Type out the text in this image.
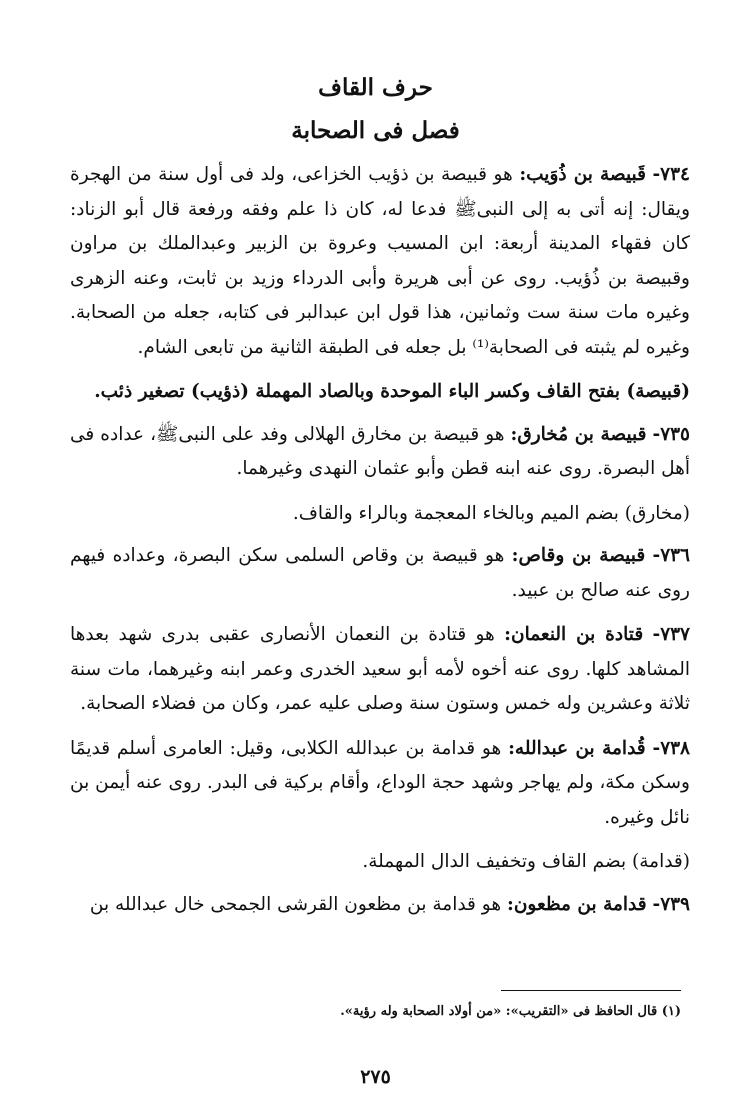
حرف القاف
فصل فى الصحابة

٧٣٤- قَبيصة بن ذُوَيب: هو قبيصة بن ذؤيب الخزاعى، ولد فى أول سنة من الهجرة ويقال: إنه أتى به إلى النبىﷺ فدعا له، كان ذا علم وفقه ورفعة قال أبو الزناد: كان فقهاء المدينة أربعة: ابن المسيب وعروة بن الزبير وعبدالملك بن مراون وقبيصة بن ذُؤيب. روى عن أبى هريرة وأبى الدرداء وزيد بن ثابت، وعنه الزهرى وغيره مات سنة ست وثمانين، هذا قول ابن عبدالبر فى كتابه، جعله من الصحابة. وغيره لم يثبته فى الصحابة⁽¹⁾ بل جعله فى الطبقة الثانية من تابعى الشام.

(قبيصة) بفتح القاف وكسر الباء الموحدة وبالصاد المهملة (ذؤيب) تصغير ذئب.

٧٣٥- قبيصة بن مُخارق: هو قبيصة بن مخارق الهلالى وفد على النبىﷺ، عداده فى أهل البصرة. روى عنه ابنه قطن وأبو عثمان النهدى وغيرهما.

(مخارق) بضم الميم وبالخاء المعجمة وبالراء والقاف.

٧٣٦- قبيصة بن وقاص: هو قبيصة بن وقاص السلمى سكن البصرة، وعداده فيهم روى عنه صالح بن عبيد.

٧٣٧- قتادة بن النعمان: هو قتادة بن النعمان الأنصارى عقبى بدرى شهد بعدها المشاهد كلها. روى عنه أخوه لأمه أبو سعيد الخدرى وعمر ابنه وغيرهما، مات سنة ثلاثة وعشرين وله خمس وستون سنة وصلى عليه عمر، وكان من فضلاء الصحابة.

٧٣٨- قُدامة بن عبدالله: هو قدامة بن عبدالله الكلابى، وقيل: العامرى أسلم قديمًا وسكن مكة، ولم يهاجر وشهد حجة الوداع، وأقام بركية فى البدر. روى عنه أيمن بن نائل وغيره.

(قدامة) بضم القاف وتخفيف الدال المهملة.

٧٣٩- قدامة بن مظعون: هو قدامة بن مظعون القرشى الجمحى خال عبدالله بن

(١) قال الحافظ فى «التقريب»: «من أولاد الصحابة وله رؤية».

٢٧٥
